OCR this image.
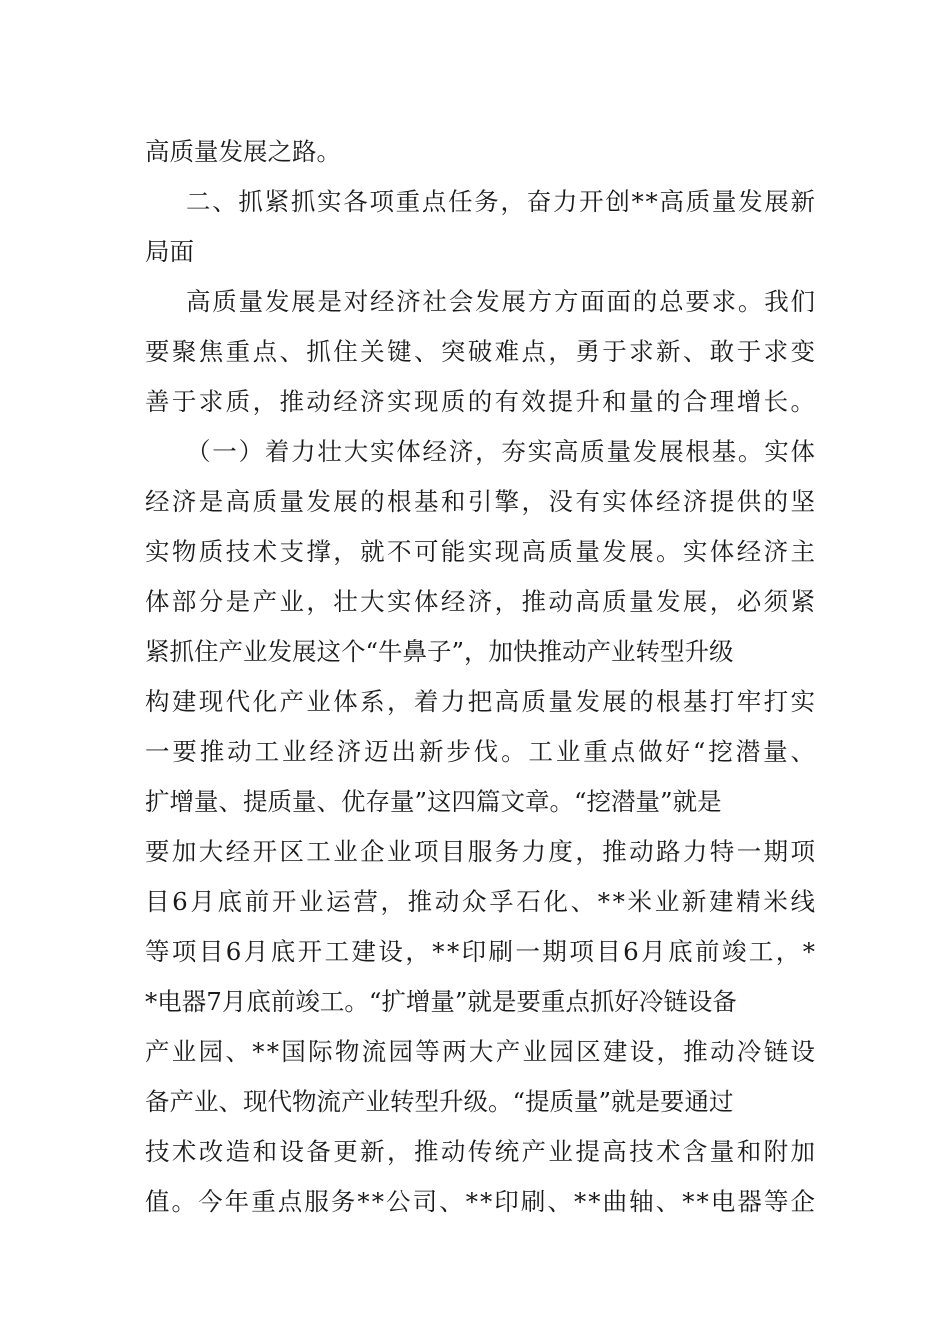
高质量发展之路。
二、抓紧抓实各项重点任务，奋力开创**高质量发展新
局面
高质量发展是对经济社会发展方方面面的总要求。我们
要聚焦重点、抓住关键、突破难点，勇于求新、敢于求变
善于求质，推动经济实现质的有效提升和量的合理增长。
（一）着力壮大实体经济，夯实高质量发展根基。实体
经济是高质量发展的根基和引擎，没有实体经济提供的坚
实物质技术支撑，就不可能实现高质量发展。实体经济主
体部分是产业，壮大实体经济，推动高质量发展，必须紧
紧抓住产业发展这个“牛鼻子”，加快推动产业转型升级
构建现代化产业体系，着力把高质量发展的根基打牢打实
一要推动工业经济迈出新步伐。工业重点做好“挖潜量、
扩增量、提质量、优存量”这四篇文章。“挖潜量”就是
要加大经开区工业企业项目服务力度，推动路力特一期项
目6月底前开业运营，推动众孚石化、**米业新建精米线
等项目6月底开工建设，**印刷一期项目6月底前竣工，*
*电器7月底前竣工。“扩增量”就是要重点抓好冷链设备
产业园、**国际物流园等两大产业园区建设，推动冷链设
备产业、现代物流产业转型升级。“提质量”就是要通过
技术改造和设备更新，推动传统产业提高技术含量和附加
值。今年重点服务**公司、**印刷、**曲轴、**电器等企
